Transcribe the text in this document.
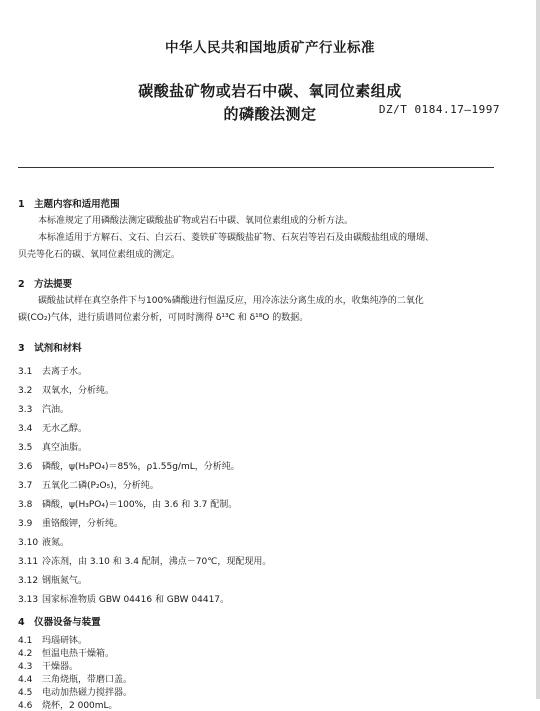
中华人民共和国地质矿产行业标准
碳酸盐矿物或岩石中碳、氧同位素组成
的磷酸法测定	DZ/T 0184.17—1997
1　主题内容和适用范围
本标准规定了用磷酸法测定碳酸盐矿物或岩石中碳、氧同位素组成的分析方法。
本标准适用于方解石、文石、白云石、菱铁矿等碳酸盐矿物、石灰岩等岩石及由碳酸盐组成的珊瑚、
贝壳等化石的碳、氧同位素组成的测定。
2　方法提要
碳酸盐试样在真空条件下与100%磷酸进行恒温反应，用冷冻法分离生成的水，收集纯净的二氧化
碳(CO₂)气体，进行质谱同位素分析，可同时测得 δ¹³C 和 δ¹⁸O 的数据。
3　试剂和材料
3.1 去离子水。
3.2 双氧水，分析纯。
3.3 汽油。
3.4 无水乙醇。
3.5 真空油脂。
3.6 磷酸，ψ(H₃PO₄)＝85%，ρ1.55g/mL，分析纯。
3.7 五氧化二磷(P₂O₅)，分析纯。
3.8 磷酸，ψ(H₃PO₄)＝100%，由 3.6 和 3.7 配制。
3.9 重铬酸钾，分析纯。
3.10 液氮。
3.11 冷冻剂，由 3.10 和 3.4 配制，沸点－70℃，现配现用。
3.12 钢瓶氮气。
3.13 国家标准物质 GBW 04416 和 GBW 04417。
4　仪器设备与装置
4.1 玛瑙研钵。
4.2 恒温电热干燥箱。
4.3 干燥器。
4.4 三角烧瓶，带磨口盖。
4.5 电动加热磁力搅拌器。
4.6 烧杯，2 000mL。
